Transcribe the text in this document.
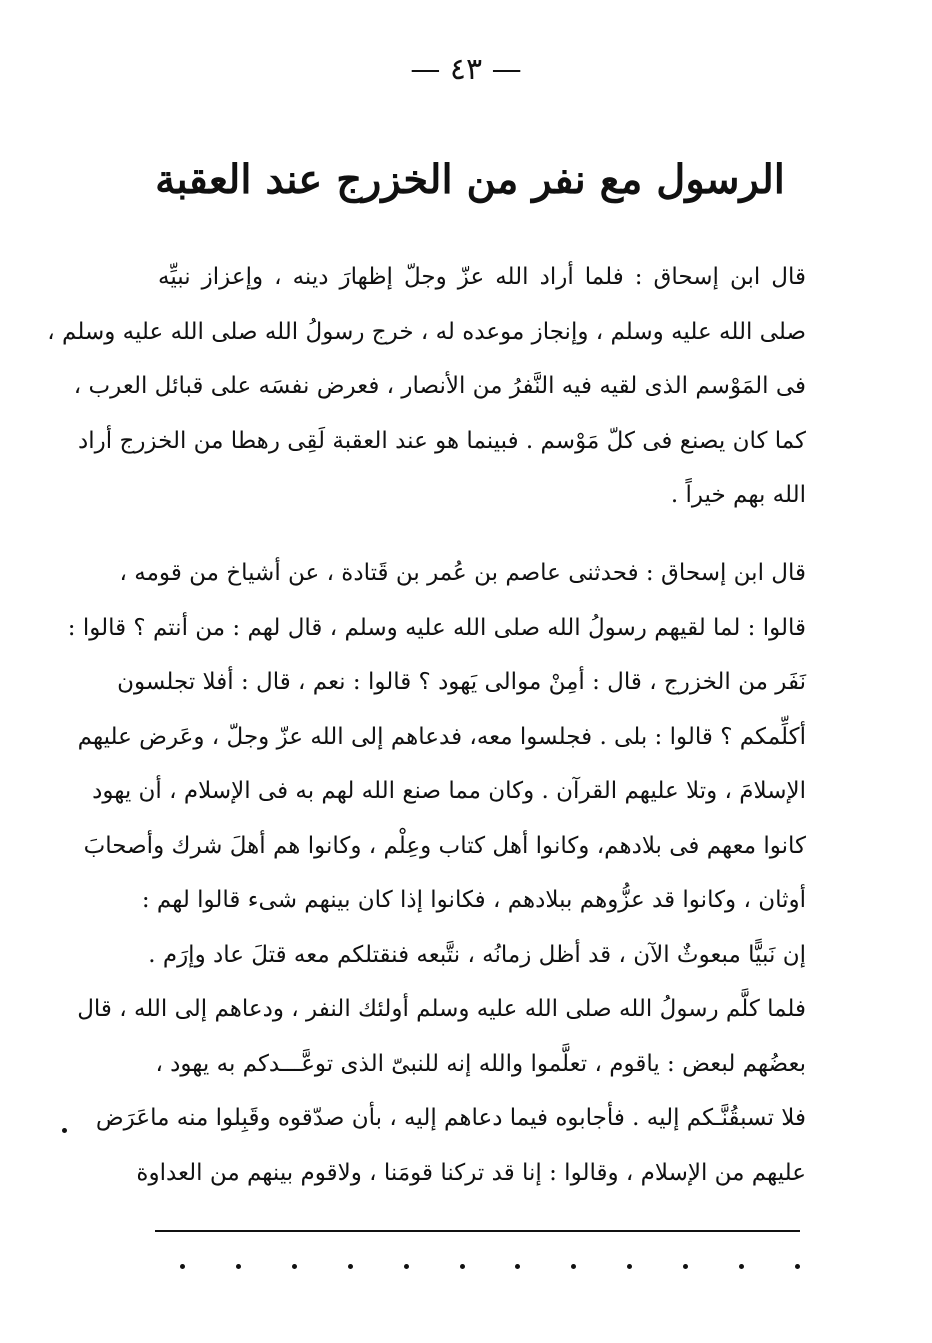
— ٤٣ —
الرسول مع نفر من الخزرج عند العقبة
قال ابن إسحاق : فلما أراد الله عزّ وجلّ إظهارَ دينه ، وإعزاز نبيِّه
صلى الله عليه وسلم ، وإنجاز موعده له ، خرج رسولُ الله صلى الله عليه وسلم ،
فى المَوْسم الذى لقيه فيه النَّفرُ من الأنصار ، فعرض نفسَه على قبائل العرب ،
كما كان يصنع فى كلّ مَوْسم . فبينما هو عند العقبة لَقِى رهطا من الخزرج أراد
الله بهم خيراً .
قال ابن إسحاق : فحدثنى عاصم بن عُمر بن قَتادة ، عن أشياخ من قومه ،
قالوا : لما لقيهم رسولُ الله صلى الله عليه وسلم ، قال لهم : من أنتم ؟ قالوا :
نَفَر من الخزرج ، قال : أمِنْ موالى يَهود ؟ قالوا : نعم ، قال : أفلا تجلسون
أكلِّمكم ؟ قالوا : بلى . فجلسوا معه، فدعاهم إلى الله عزّ وجلّ ، وعَرض عليهم
الإسلامَ ، وتلا عليهم القرآن . وكان مما صنع الله لهم به فى الإسلام ، أن يهود
كانوا معهم فى بلادهم، وكانوا أهل كتاب وعِلْم ، وكانوا هم أهلَ شرك وأصحابَ
أوثان ، وكانوا قد عزُّوهم ببلادهم ، فكانوا إذا كان بينهم شىء قالوا لهم :
إن نَبيًّا مبعوثٌ الآن ، قد أظل زمانُه ، نتَّبعه فنقتلكم معه قتلَ عاد وإرَم .
فلما كلَّم رسولُ الله صلى الله عليه وسلم أولئك النفر ، ودعاهم إلى الله ، قال
بعضُهم لبعض : ياقوم ، تعلَّموا والله إنه للنبىّ الذى توعَّـــدكم به يهود ،
فلا تسبقُنَّـكم إليه . فأجابوه فيما دعاهم إليه ، بأن صدّقوه وقَبِلوا منه ماعَرَض
عليهم من الإسلام ، وقالوا : إنا قد تركنا قومَنا ، ولاقوم بينهم من العداوة
